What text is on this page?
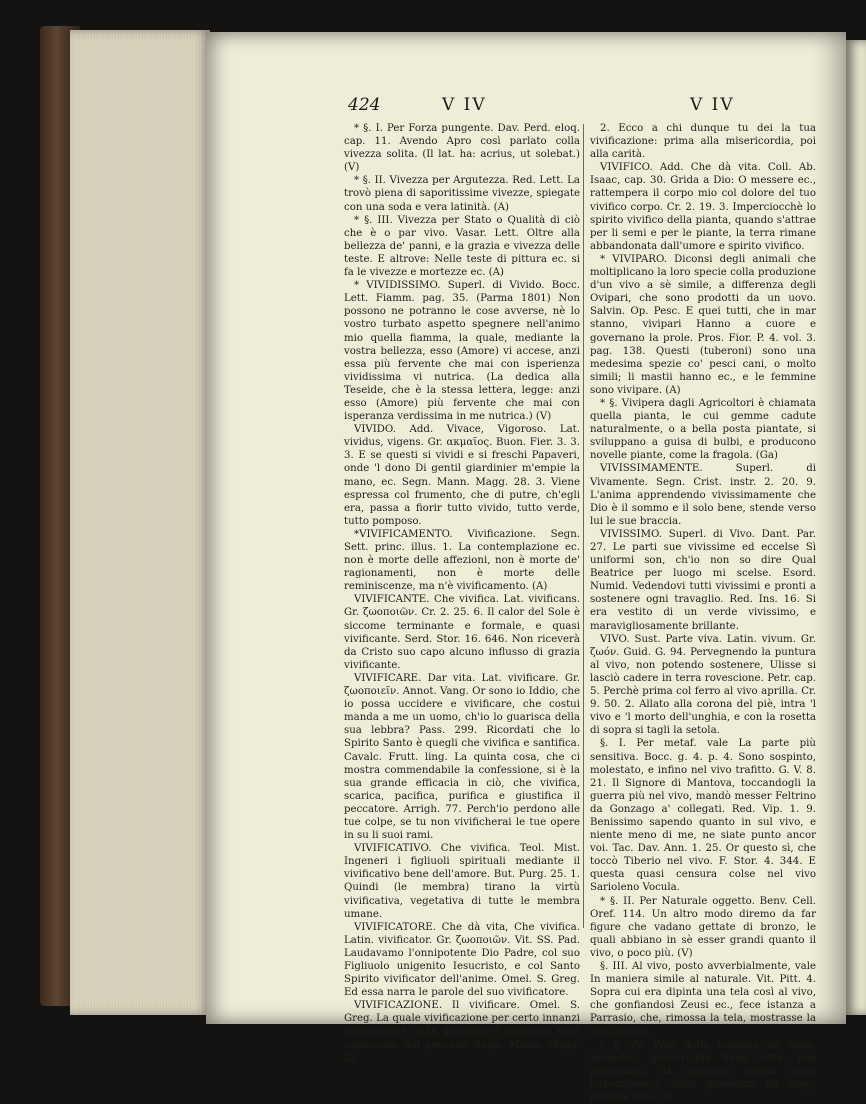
424	V IV	V IV

* §. I. Per Forza pungente. Dav. Perd. eloq. cap. 11. Avendo Apro così parlato colla vivezza solita. (Il lat. ha: acrius, ut solebat.) (V)

* §. II. Vivezza per Argutezza. Red. Lett. La trovò piena di saporitissime vivezze, spiegate con una soda e vera latinità. (A)

* §. III. Vivezza per Stato o Qualità di ciò che è o par vivo. Vasar. Lett. Oltre alla bellezza de' panni, e la grazia e vivezza delle teste. E altrove: Nelle teste di pittura ec. si fa le vivezze e mortezze ec. (A)

* VIVIDISSIMO. Superl. di Vivido. Bocc. Lett. Fiamm. pag. 35. (Parma 1801) Non possono ne potranno le cose avverse, nè lo vostro turbato aspetto spegnere nell'animo mio quella fiamma, la quale, mediante la vostra bellezza, esso (Amore) vi accese, anzi essa più fervente che mai con isperienza vividissima vi nutrica. (La dedica alla Teseide, che è la stessa lettera, legge: anzi esso (Amore) più fervente che mai con isperanza verdissima in me nutrica.) (V)

VIVIDO. Add. Vivace, Vigoroso. Lat. vividus, vigens. Gr. ακμαῖος. Buon. Fier. 3. 3. 3. E se questi si vividi e si freschi Papaveri, onde 'l dono Di gentil giardinier m'empie la mano, ec. Segn. Mann. Magg. 28. 3. Viene espressa col frumento, che di putre, ch'egli era, passa a fiorir tutto vivido, tutto verde, tutto pomposo.

*VIVIFICAMENTO. Vivificazione. Segn. Sett. princ. illus. 1. La contemplazione ec. non è morte delle affezioni, non è morte de' ragionamenti, non è morte delle reminiscenze, ma n'è vivificamento. (A)

VIVIFICANTE. Che vivifica. Lat. vivificans. Gr. ζωοποιῶν. Cr. 2. 25. 6. Il calor del Sole è siccome terminante e formale, e quasi vivificante. Serd. Stor. 16. 646. Non riceverà da Cristo suo capo alcuno influsso di grazia vivificante.

VIVIFICARE. Dar vita. Lat. vivificare. Gr. ζωοποιεῖν. Annot. Vang. Or sono io Iddio, che io possa uccidere e vivificare, che costui manda a me un uomo, ch'io lo guarisca della sua lebbra? Pass. 299. Ricordati che lo Spirito Santo è quegli che vivifica e santifica. Cavalc. Frutt. ling. La quinta cosa, che ci mostra commendabile la confessione, si è la sua grande efficacia in ciò, che vivifica, scarica, pacifica, purifica e giustifica il peccatore. Arrigh. 77. Perch'io perdono alle tue colpe, se tu non vivificherai le tue opere in su li suoi rami.

VIVIFICATIVO. Che vivifica. Teol. Mist. Ingeneri i figliuoli spirituali mediante il vivificativo bene dell'amore. But. Purg. 25. 1. Quindi (le membra) tirano la virtù vivificativa, vegetativa di tutte le membra umane.

VIVIFICATORE. Che dà vita, Che vivifica. Latin. vivificator. Gr. ζωοποιῶν. Vit. SS. Pad. Laudavamo l'onnipotente Dio Padre, col suo Figliuolo unigenito Iesucristo, e col Santo Spirito vivificator dell'anime. Omel. S. Greg. Ed essa narra le parole del suo vivificatore.

VIVIFICAZIONE. Il vivificare. Omel. S. Greg. La quale vivificazione per certo innanzi l'operazione della giustizia si cognosce essa confession del peccato. Segn. Mann. Magg. 24.

2. Ecco a chi dunque tu dei la tua vivificazione: prima alla misericordia, poi alla carità.

VIVIFICO. Add. Che dà vita. Coll. Ab. Isaac, cap. 30. Grida a Dio: O messere ec., rattempera il corpo mio col dolore del tuo vivifico corpo. Cr. 2. 19. 3. Imperciocchè lo spirito vivifico della pianta, quando s'attrae per li semi e per le piante, la terra rimane abbandonata dall'umore e spirito vivifico.

* VIVIPARO. Diconsi degli animali che moltiplicano la loro specie colla produzione d'un vivo a sè simile, a differenza degli Ovipari, che sono prodotti da un uovo. Salvin. Op. Pesc. E quei tutti, che in mar stanno, vivipari Hanno a cuore e governano la prole. Pros. Fior. P. 4. vol. 3. pag. 138. Questi (tuberoni) sono una medesima spezie co' pesci cani, o molto simili; li mastii hanno ec., e le femmine sono vivipare. (A)

* §. Vivipera dagli Agricoltori è chiamata quella pianta, le cui gemme cadute naturalmente, o a bella posta piantate, si sviluppano a guisa di bulbi, e producono novelle piante, come la fragola. (Ga)

VIVISSIMAMENTE. Superl. di Vivamente. Segn. Crist. instr. 2. 20. 9. L'anima apprendendo vivissimamente che Dio è il sommo e il solo bene, stende verso lui le sue braccia.

VIVISSIMO. Superl. di Vivo. Dant. Par. 27. Le parti sue vivissime ed eccelse Sì uniformi son, ch'io non so dire Qual Beatrice per luogo mi scelse. Esord. Numid. Vedendovi tutti vivissimi e pronti a sostenere ogni travaglio. Red. Ins. 16. Si era vestito di un verde vivissimo, e maravigliosamente brillante.

VIVO. Sust. Parte viva. Latin. vivum. Gr. ζωόν. Guid. G. 94. Pervegnendo la puntura al vivo, non potendo sostenere, Ulisse si lasciò cadere in terra rovescione. Petr. cap. 5. Perchè prima col ferro al vivo aprilla. Cr. 9. 50. 2. Allato alla corona del piè, intra 'l vivo e 'l morto dell'unghia, e con la rosetta di sopra si tagli la setola.

§. I. Per metaf. vale La parte più sensitiva. Bocc. g. 4. p. 4. Sono sospinto, molestato, e infino nel vivo trafitto. G. V. 8. 21. Il Signore di Mantova, toccandogli la guerra più nel vivo, mandò messer Feltrino da Gonzago a' collegati. Red. Vip. 1. 9. Benissimo sapendo quanto in sul vivo, e niente meno di me, ne siate punto ancor voi. Tac. Dav. Ann. 1. 25. Or questo sì, che toccò Tiberio nel vivo. F. Stor. 4. 344. E questa quasi censura colse nel vivo Sarioleno Vocula.

* §. II. Per Naturale oggetto. Benv. Cell. Oref. 114. Un altro modo diremo da far figure che vadano gettate di bronzo, le quali abbiano in sè esser grandi quanto il vivo, o poco più. (V)

§. III. Al vivo, posto avverbialmente, vale In maniera simile al naturale. Vit. Pitt. 4. Sopra cui era dipinta una tela così al vivo, che gonfiandosi Zeusi ec., fece istanza a Parrasio, che, rimossa la tela, mostrasse la sua pittura.

* §. IV. Vivo della colonna da capo. Intendesi qualsivoglia linea retta, che partendosi da qualsiasi punto della circonferenza della grossezza da capo, piomba verso la
